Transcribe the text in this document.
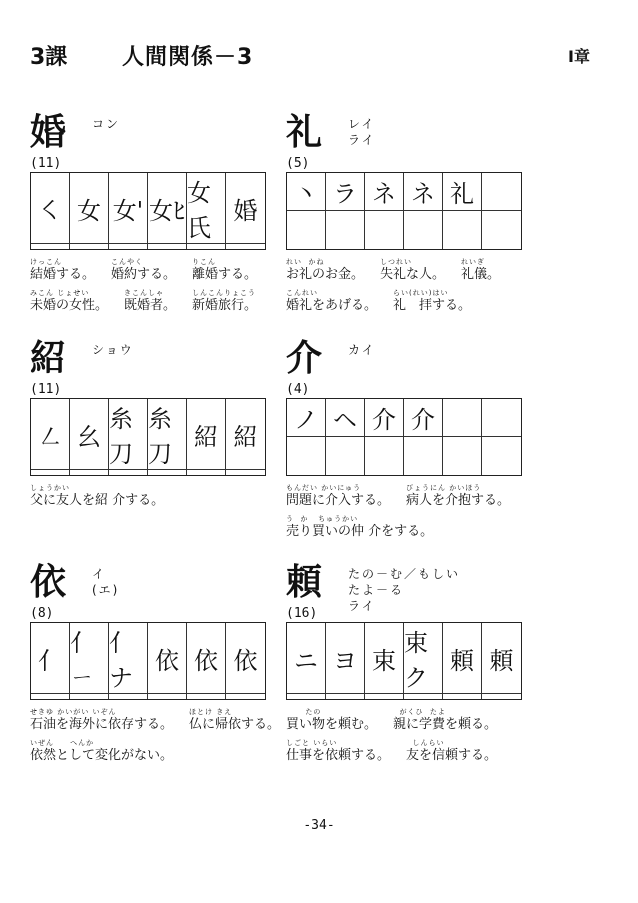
3課 人間関係－3	I章
婚 コン
(11)
㇛ 女 女' 女ﾋ
女氏
婚
けっこん
結婚する。
こんやく
婚約する。
りこん
離婚する。
みこん じょせい
未婚の女性。
きこんしゃ
既婚者。
しんこんりょこう
新婚旅行。
礼 レイ
ライ
(5)
丶 ラ ネ ネ 礼
れい  かね
お礼のお金。
しつれい
失礼な人。
れいぎ
礼儀。
こんれい
婚礼をあげる。
らい(れい)はい
礼　拝する。
紹 ショウ
(11)
㇜ 幺
糸刀
糸刀
紹 紹
しょうかい
父に友人を紹 介する。
介 カイ
(4)
ノ ヘ 介 介
もんだい かいにゅう
問題に介入する。
びょうにん かいほう
病人を介抱する。
う  か   ちゅうかい
売り買いの仲 介をする。
依 イ
(エ)
(8)
亻
亻ㄧ
亻ナ
依 依 依
せきゆ かいがい いぞん
石油を海外に依存する。
ほとけ きえ
仏に帰依する。
いぜん     へんか
依然として変化がない。
頼 たの－む／もしい
たよ－る
ライ
(16)
ニ ヨ 束
束ク
頼 頼
たの
買い物を頼む。
がくひ  たよ
親に学費を頼る。
しごと いらい
仕事を依頼する。
しんらい
友を信頼する。
-34-
